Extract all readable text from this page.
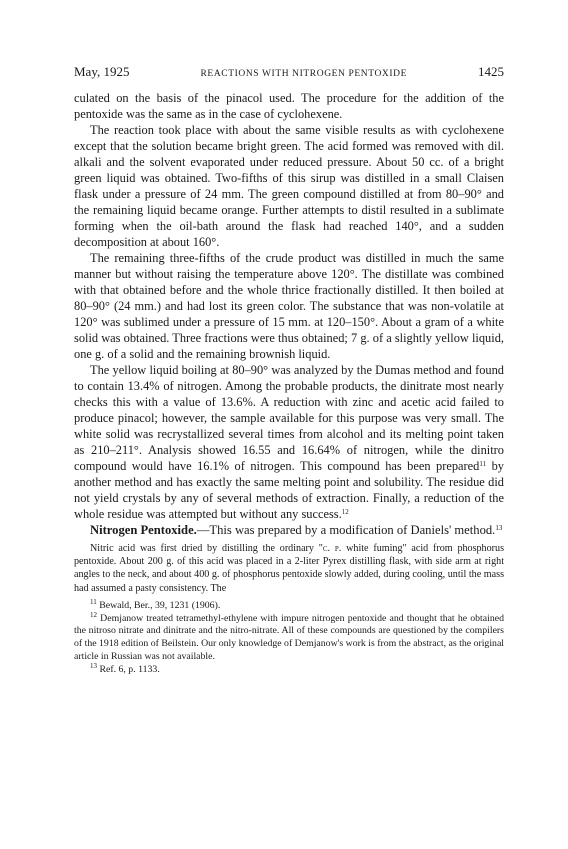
May, 1925	REACTIONS WITH NITROGEN PENTOXIDE	1425

culated on the basis of the pinacol used. The procedure for the addition of the pentoxide was the same as in the case of cyclohexene.

The reaction took place with about the same visible results as with cyclohexene except that the solution became bright green. The acid formed was removed with dil. alkali and the solvent evaporated under reduced pressure. About 50 cc. of a bright green liquid was obtained. Two-fifths of this sirup was distilled in a small Claisen flask under a pressure of 24 mm. The green compound distilled at from 80–90° and the remaining liquid became orange. Further attempts to distil resulted in a sublimate forming when the oil-bath around the flask had reached 140°, and a sudden decomposition at about 160°.

The remaining three-fifths of the crude product was distilled in much the same manner but without raising the temperature above 120°. The distillate was combined with that obtained before and the whole thrice fractionally distilled. It then boiled at 80–90° (24 mm.) and had lost its green color. The substance that was non-volatile at 120° was sublimed under a pressure of 15 mm. at 120–150°. About a gram of a white solid was obtained. Three fractions were thus obtained; 7 g. of a slightly yellow liquid, one g. of a solid and the remaining brownish liquid.

The yellow liquid boiling at 80–90° was analyzed by the Dumas method and found to contain 13.4% of nitrogen. Among the probable products, the dinitrate most nearly checks this with a value of 13.6%. A reduction with zinc and acetic acid failed to produce pinacol; however, the sample available for this purpose was very small. The white solid was recrystallized several times from alcohol and its melting point taken as 210–211°. Analysis showed 16.55 and 16.64% of nitrogen, while the dinitro compound would have 16.1% of nitrogen. This compound has been prepared$^{11}$ by another method and has exactly the same melting point and solubility. The residue did not yield crystals by any of several methods of extraction. Finally, a reduction of the whole residue was attempted but without any success.$^{12}$

Nitrogen Pentoxide.—This was prepared by a modification of Daniels' method.$^{13}$

Nitric acid was first dried by distilling the ordinary "c. p. white fuming" acid from phosphorus pentoxide. About 200 g. of this acid was placed in a 2-liter Pyrex distilling flask, with side arm at right angles to the neck, and about 400 g. of phosphorus pentoxide slowly added, during cooling, until the mass had assumed a pasty consistency. The

$^{11}$ Bewald, Ber., 39, 1231 (1906).

$^{12}$ Demjanow treated tetramethyl-ethylene with impure nitrogen pentoxide and thought that he obtained the nitroso nitrate and dinitrate and the nitro-nitrate. All of these compounds are questioned by the compilers of the 1918 edition of Beilstein. Our only knowledge of Demjanow's work is from the abstract, as the original article in Russian was not available.

$^{13}$ Ref. 6, p. 1133.
